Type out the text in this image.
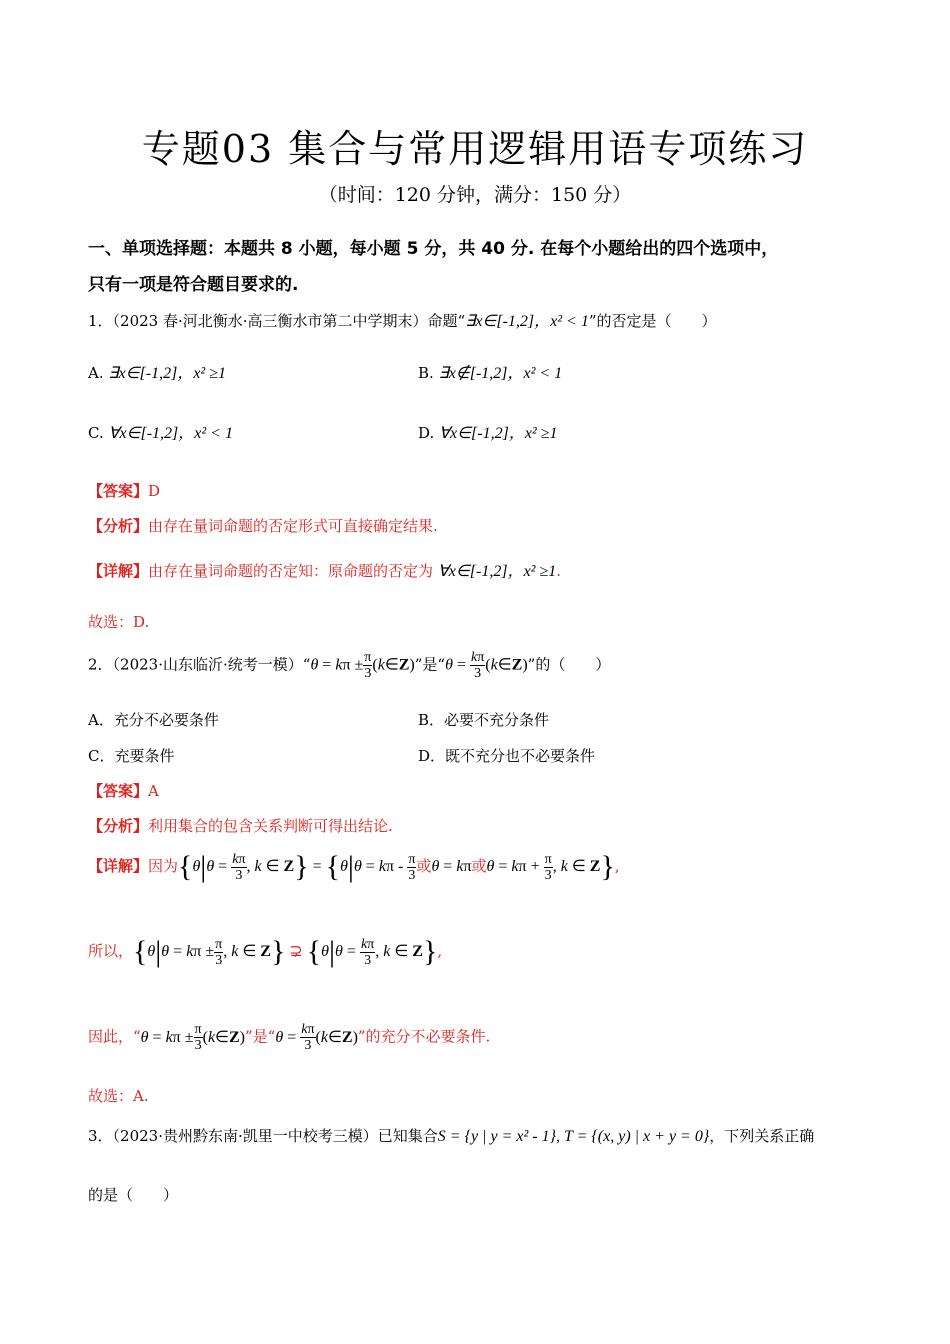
专题03 集合与常用逻辑用语专项练习
（时间：120 分钟，满分：150 分）
一、单项选择题：本题共 8 小题，每小题 5 分，共 40 分. 在每个小题给出的四个选项中，
只有一项是符合题目要求的.
1．（2023 春·河北衡水·高三衡水市第二中学期末）命题“∃x∈[-1,2]，x² < 1”的否定是（　　）
A. ∃x∈[-1,2]，x² ≥1	B. ∃x∉[-1,2]，x² < 1
C. ∀x∈[-1,2]，x² < 1	D. ∀x∈[-1,2]，x² ≥1
【答案】D
【分析】由存在量词命题的否定形式可直接确定结果.
【详解】由存在量词命题的否定知：原命题的否定为 ∀x∈[-1,2]，x² ≥1.
故选：D.
2．（2023·山东临沂·统考一模）“θ = $k\pi \pm \frac{\pi}{3}$ (k∈Z)”是“$\theta = \frac{k\pi}{3}$ (k∈Z)”的（　　）
A．充分不必要条件	B．必要不充分条件
C．充要条件	D．既不充分也不必要条件
【答案】A
【分析】利用集合的包含关系判断可得出结论.
【详解】因为{$\theta|\theta = \frac{k\pi}{3}$ , k ∈ $Z\} = \{\theta|\theta = k\pi - \frac{\pi}{3}$ 或θ = kπ或$\theta = k\pi + \frac{\pi}{3}$ , k ∈ Z},
所以，{$\theta|\theta = k\pi \pm \frac{\pi}{3}$ , k ∈ Z} ⊋ {$\theta|\theta = \frac{k\pi}{3}$ , k ∈ Z},
因此，“$\theta = k\pi \pm \frac{\pi}{3}$ (k∈Z)”是“$\theta = \frac{k\pi}{3}$ (k∈Z)”的充分不必要条件.
故选：A.
3．（2023·贵州黔东南·凯里一中校考三模）已知集合S = {y | y = x² - 1}, T = {(x, y) | x + y = 0}，下列关系正确
的是（　　）
